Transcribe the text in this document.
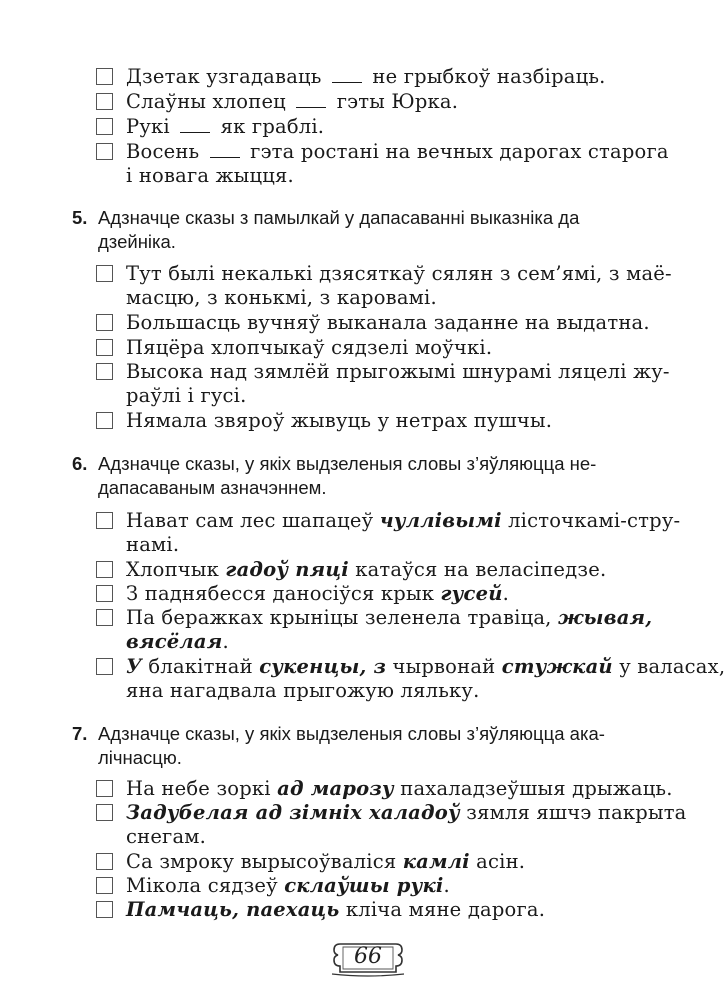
Дзетак узгадаваць  не грыбкоў назбіраць.
Слаўны хлопец  гэты Юрка.
Рукі  як граблі.
Восень  гэта ростані на вечных дарогах старога
і новага жыцця.
5. Адзначце сказы з памылкай у дапасаванні выказніка да
дзейніка.
Тут былі некалькі дзясяткаў сялян з сем’ямі, з маё-
масцю, з конькмі, з каровамі.
Большасць вучняў выканала заданне на выдатна.
Пяцёра хлопчыкаў сядзелі моўчкі.
Высока над зямлёй прыгожымі шнурамі ляцелі жу-
раўлі і гусі.
Нямала звяроў жывуць у нетрах пушчы.
6. Адзначце сказы, у якіх выдзеленыя словы з’яўляюцца не-
дапасаваным азначэннем.
Нават сам лес шапацеў чуллівымі лісточкамі-стру-
намі.
Хлопчык гадоў пяці катаўся на веласіпедзе.
З паднябесся даносіўся крык гусей.
Па беражках крыніцы зеленела травіца, жывая,
вясёлая.
У блакітнай сукенцы, з чырвонай стужкай у валасах,
яна нагадвала прыгожую ляльку.
7. Адзначце сказы, у якіх выдзеленыя словы з’яўляюцца ака-
лічнасцю.
На небе зоркі ад марозу пахаладзеўшыя дрыжаць.
Задубелая ад зімніх халадоў зямля яшчэ пакрыта
снегам.
Са змроку вырысоўваліся камлі асін.
Мікола сядзеў склаўшы рукі.
Памчаць, паехаць кліча мяне дарога.
66
